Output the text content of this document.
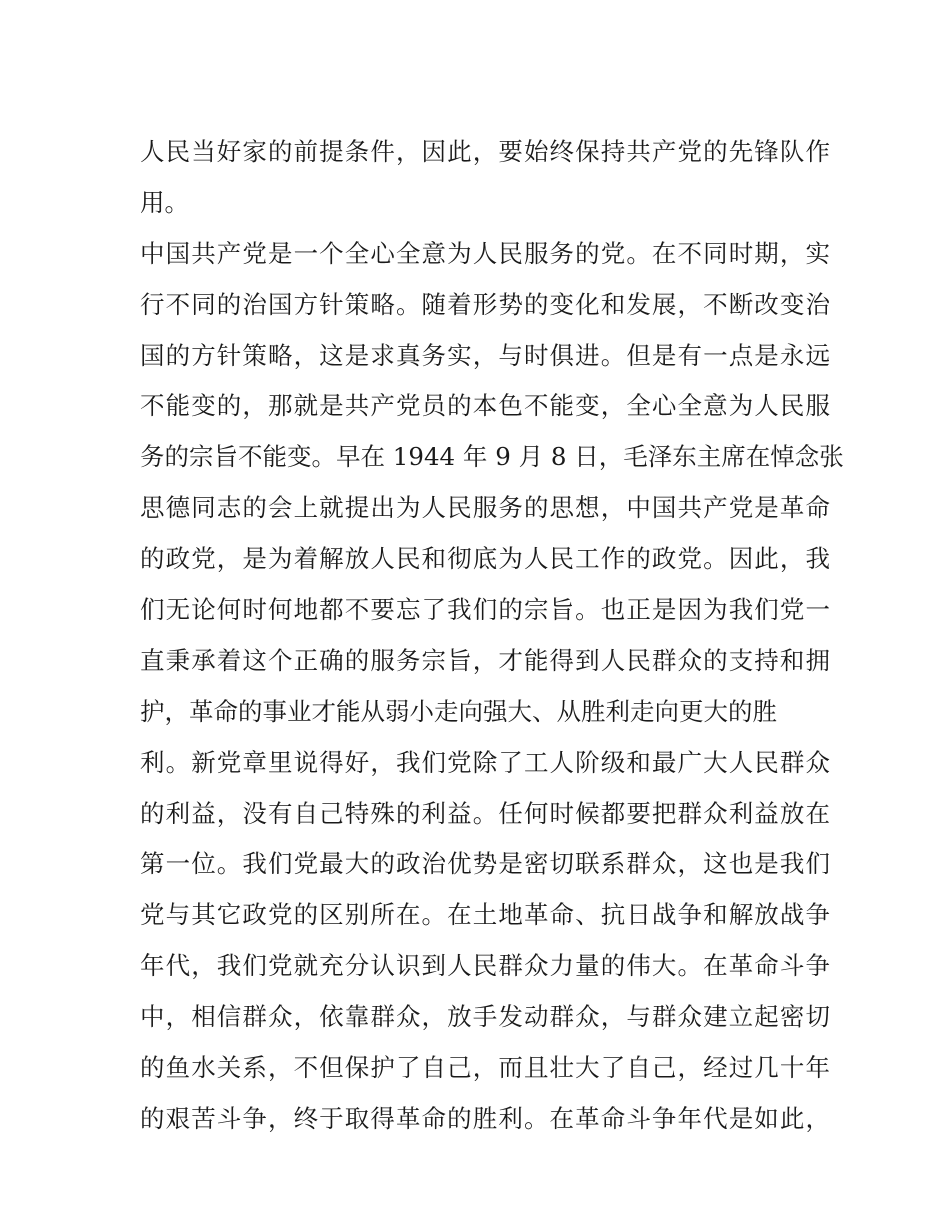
人民当好家的前提条件，因此，要始终保持共产党的先锋队作
用。
中国共产党是一个全心全意为人民服务的党。在不同时期，实
行不同的治国方针策略。随着形势的变化和发展，不断改变治
国的方针策略，这是求真务实，与时俱进。但是有一点是永远
不能变的，那就是共产党员的本色不能变，全心全意为人民服
务的宗旨不能变。早在 1944 年 9 月 8 日，毛泽东主席在悼念张
思德同志的会上就提出为人民服务的思想，中国共产党是革命
的政党，是为着解放人民和彻底为人民工作的政党。因此，我
们无论何时何地都不要忘了我们的宗旨。也正是因为我们党一
直秉承着这个正确的服务宗旨，才能得到人民群众的支持和拥
护，革命的事业才能从弱小走向强大、从胜利走向更大的胜
利。新党章里说得好，我们党除了工人阶级和最广大人民群众
的利益，没有自己特殊的利益。任何时候都要把群众利益放在
第一位。我们党最大的政治优势是密切联系群众，这也是我们
党与其它政党的区别所在。在土地革命、抗日战争和解放战争
年代，我们党就充分认识到人民群众力量的伟大。在革命斗争
中，相信群众，依靠群众，放手发动群众，与群众建立起密切
的鱼水关系，不但保护了自己，而且壮大了自己，经过几十年
的艰苦斗争，终于取得革命的胜利。在革命斗争年代是如此，
